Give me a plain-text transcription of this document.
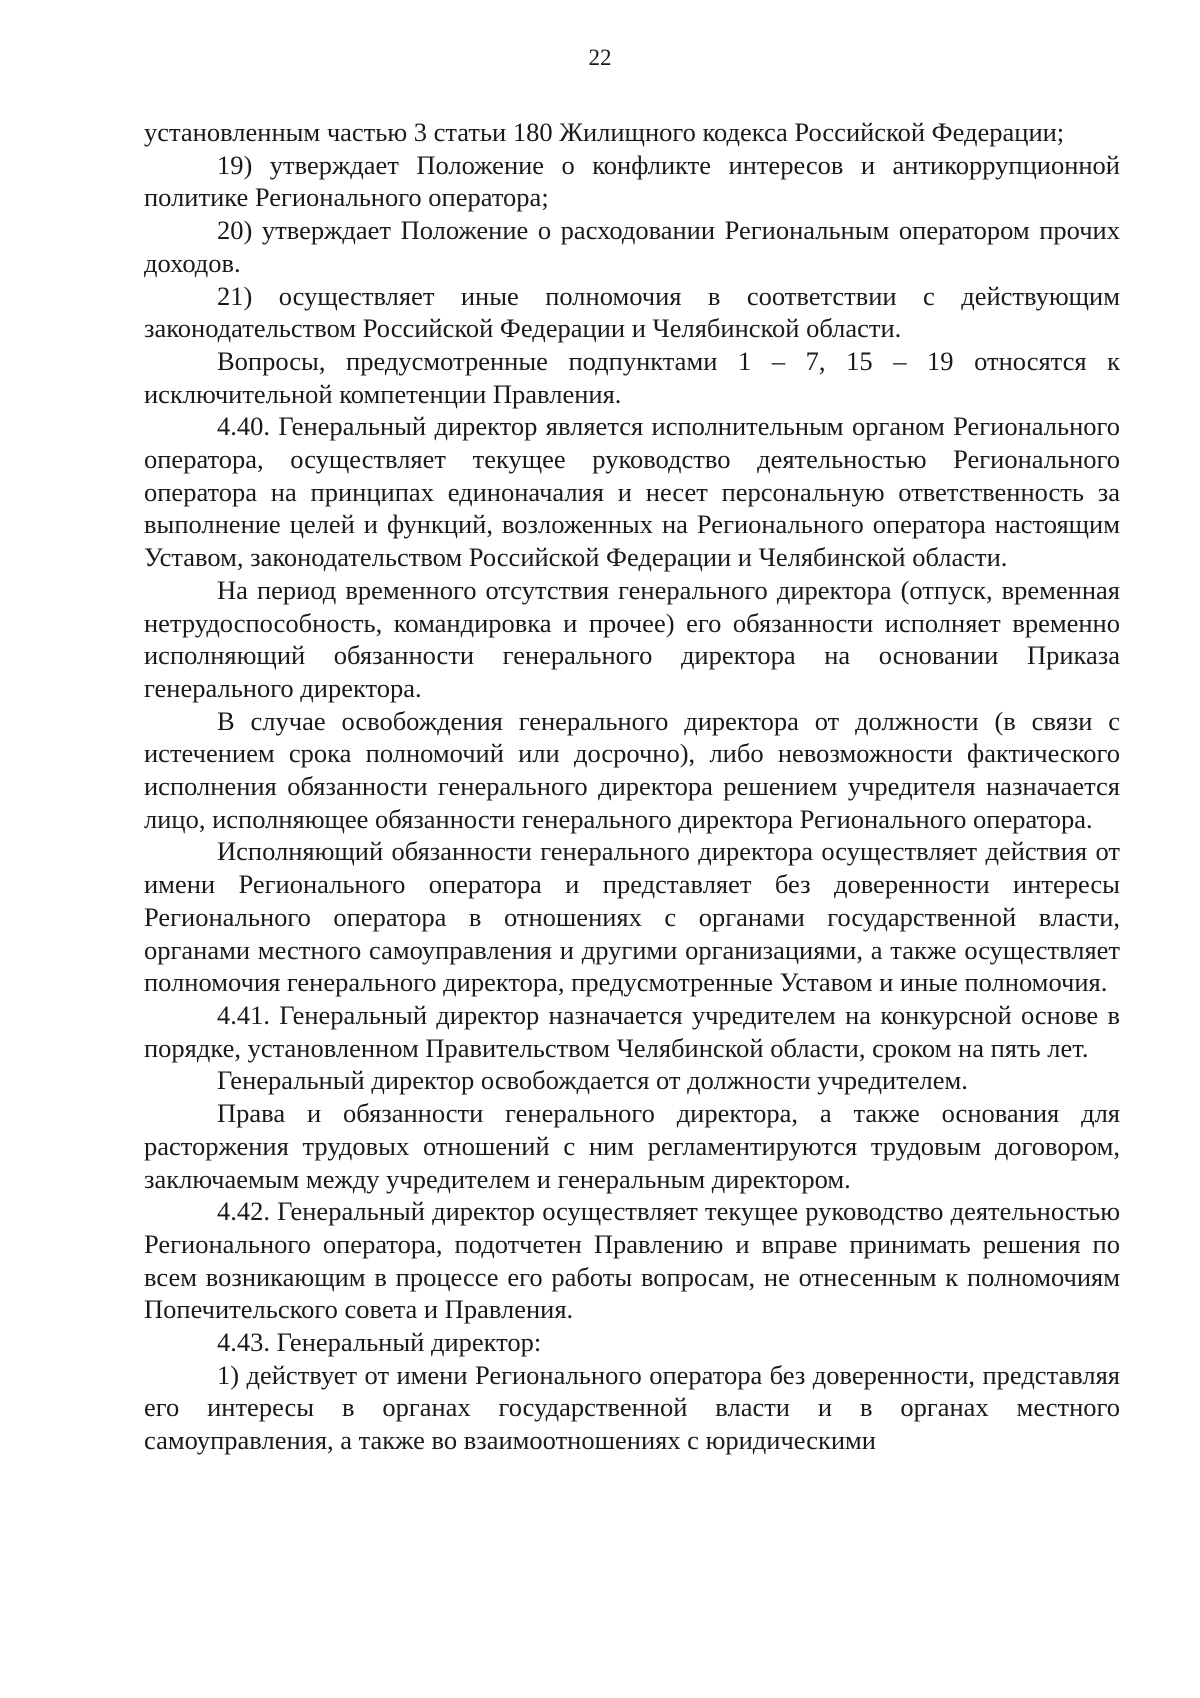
22

установленным частью 3 статьи 180 Жилищного кодекса Российской Федерации;

19) утверждает Положение о конфликте интересов и антикоррупционной политике Регионального оператора;

20) утверждает Положение о расходовании Региональным оператором прочих доходов.

21) осуществляет иные полномочия в соответствии с действующим законодательством Российской Федерации и Челябинской области.

Вопросы, предусмотренные подпунктами 1 – 7, 15 – 19 относятся к исключительной компетенции Правления.

4.40. Генеральный директор является исполнительным органом Регионального оператора, осуществляет текущее руководство деятельностью Регионального оператора на принципах единоначалия и несет персональную ответственность за выполнение целей и функций, возложенных на Регионального оператора настоящим Уставом, законодательством Российской Федерации и Челябинской области.

На период временного отсутствия генерального директора (отпуск, временная нетрудоспособность, командировка и прочее) его обязанности исполняет временно исполняющий обязанности генерального директора на основании Приказа генерального директора.

В случае освобождения генерального директора от должности (в связи с истечением срока полномочий или досрочно), либо невозможности фактического исполнения обязанности генерального директора решением учредителя назначается лицо, исполняющее обязанности генерального директора Регионального оператора.

Исполняющий обязанности генерального директора осуществляет действия от имени Регионального оператора и представляет без доверенности интересы Регионального оператора в отношениях с органами государственной власти, органами местного самоуправления и другими организациями, а также осуществляет полномочия генерального директора, предусмотренные Уставом и иные полномочия.

4.41. Генеральный директор назначается учредителем на конкурсной основе в порядке, установленном Правительством Челябинской области, сроком на пять лет.

Генеральный директор освобождается от должности учредителем.

Права и обязанности генерального директора, а также основания для расторжения трудовых отношений с ним регламентируются трудовым договором, заключаемым между учредителем и генеральным директором.

4.42. Генеральный директор осуществляет текущее руководство деятельностью Регионального оператора, подотчетен Правлению и вправе принимать решения по всем возникающим в процессе его работы вопросам, не отнесенным к полномочиям Попечительского совета и Правления.

4.43. Генеральный директор:

1) действует от имени Регионального оператора без доверенности, представляя его интересы в органах государственной власти и в органах местного самоуправления, а также во взаимоотношениях с юридическими
